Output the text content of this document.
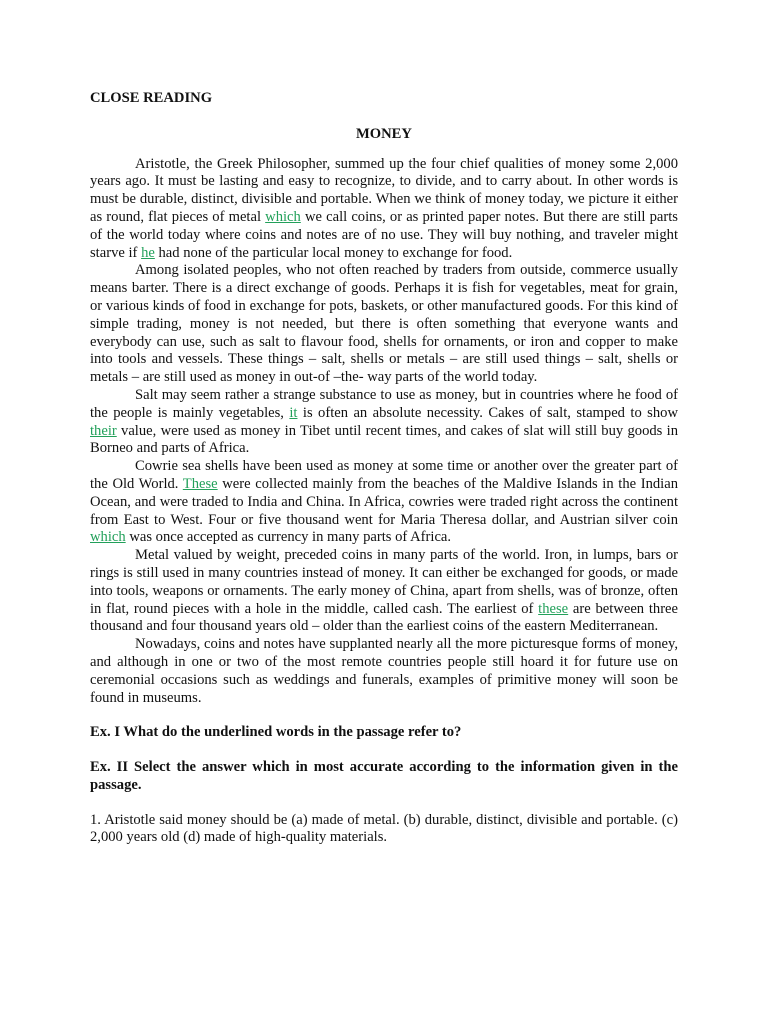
CLOSE READING

MONEY

Aristotle, the Greek Philosopher, summed up the four chief qualities of money some 2,000 years ago. It must be lasting and easy to recognize, to divide, and to carry about. In other words is must be durable, distinct, divisible and portable. When we think of money today, we picture it either as round, flat pieces of metal which we call coins, or as printed paper notes. But there are still parts of the world today where coins and notes are of no use. They will buy nothing, and traveler might starve if he had none of the particular local money to exchange for food.

Among isolated peoples, who not often reached by traders from outside, commerce usually means barter. There is a direct exchange of goods. Perhaps it is fish for vegetables, meat for grain, or various kinds of food in exchange for pots, baskets, or other manufactured goods. For this kind of simple trading, money is not needed, but there is often something that everyone wants and everybody can use, such as salt to flavour food, shells for ornaments, or iron and copper to make into tools and vessels. These things – salt, shells or metals – are still used things – salt, shells or metals – are still used as money in out-of –the- way parts of the world today.

Salt may seem rather a strange substance to use as money, but in countries where he food of the people is mainly vegetables, it is often an absolute necessity. Cakes of salt, stamped to show their value, were used as money in Tibet until recent times, and cakes of slat will still buy goods in Borneo and parts of Africa.

Cowrie sea shells have been used as money at some time or another over the greater part of the Old World. These were collected mainly from the beaches of the Maldive Islands in the Indian Ocean, and were traded to India and China. In Africa, cowries were traded right across the continent from East to West. Four or five thousand went for Maria Theresa dollar, and Austrian silver coin which was once accepted as currency in many parts of Africa.

Metal valued by weight, preceded coins in many parts of the world. Iron, in lumps, bars or rings is still used in many countries instead of money. It can either be exchanged for goods, or made into tools, weapons or ornaments. The early money of China, apart from shells, was of bronze, often in flat, round pieces with a hole in the middle, called cash. The earliest of these are between three thousand and four thousand years old – older than the earliest coins of the eastern Mediterranean.

Nowadays, coins and notes have supplanted nearly all the more picturesque forms of money, and although in one or two of the most remote countries people still hoard it for future use on ceremonial occasions such as weddings and funerals, examples of primitive money will soon be found in museums.

Ex. I What do the underlined words in the passage refer to?

Ex. II Select the answer which in most accurate according to the information given in the passage.

1. Aristotle said money should be (a) made of metal. (b) durable, distinct, divisible and portable. (c) 2,000 years old (d) made of high-quality materials.
